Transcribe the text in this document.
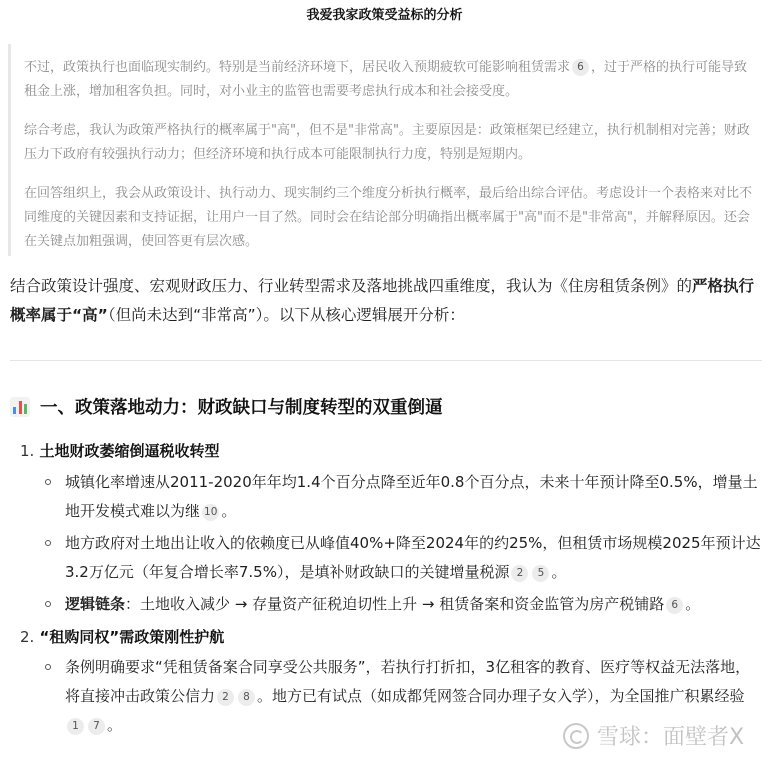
我爱我家政策受益标的分析

不过，政策执行也面临现实制约。特别是当前经济环境下，居民收入预期疲软可能影响租赁需求 6 ，过于严格的执行可能导致租金上涨，增加租客负担。同时，对小业主的监管也需要考虑执行成本和社会接受度。

综合考虑，我认为政策严格执行的概率属于"高"，但不是"非常高"。主要原因是：政策框架已经建立，执行机制相对完善；财政压力下政府有较强执行动力；但经济环境和执行成本可能限制执行力度，特别是短期内。

在回答组织上，我会从政策设计、执行动力、现实制约三个维度分析执行概率，最后给出综合评估。考虑设计一个表格来对比不同维度的关键因素和支持证据，让用户一目了然。同时会在结论部分明确指出概率属于"高"而不是"非常高"，并解释原因。还会在关键点加粗强调，使回答更有层次感。

结合政策设计强度、宏观财政压力、行业转型需求及落地挑战四重维度，我认为《住房租赁条例》的严格执行概率属于“高”（但尚未达到“非常高”）。以下从核心逻辑展开分析：

一、政策落地动力：财政缺口与制度转型的双重倒逼
1. 土地财政萎缩倒逼税收转型
城镇化率增速从2011-2020年年均1.4个百分点降至近年0.8个百分点，未来十年预计降至0.5%，增量土地开发模式难以为继 10 。
地方政府对土地出让收入的依赖度已从峰值40%+降至2024年的约25%，但租赁市场规模2025年预计达3.2万亿元（年复合增长率7.5%），是填补财政缺口的关键增量税源 2 5 。
逻辑链条：土地收入减少 → 存量资产征税迫切性上升 → 租赁备案和资金监管为房产税铺路 6 。
2. “租购同权”需政策刚性护航
条例明确要求“凭租赁备案合同享受公共服务”，若执行打折扣，3亿租客的教育、医疗等权益无法落地，将直接冲击政策公信力 2 8 。地方已有试点（如成都凭网签合同办理子女入学），为全国推广积累经验1 7 。	雪球：面壁者X
